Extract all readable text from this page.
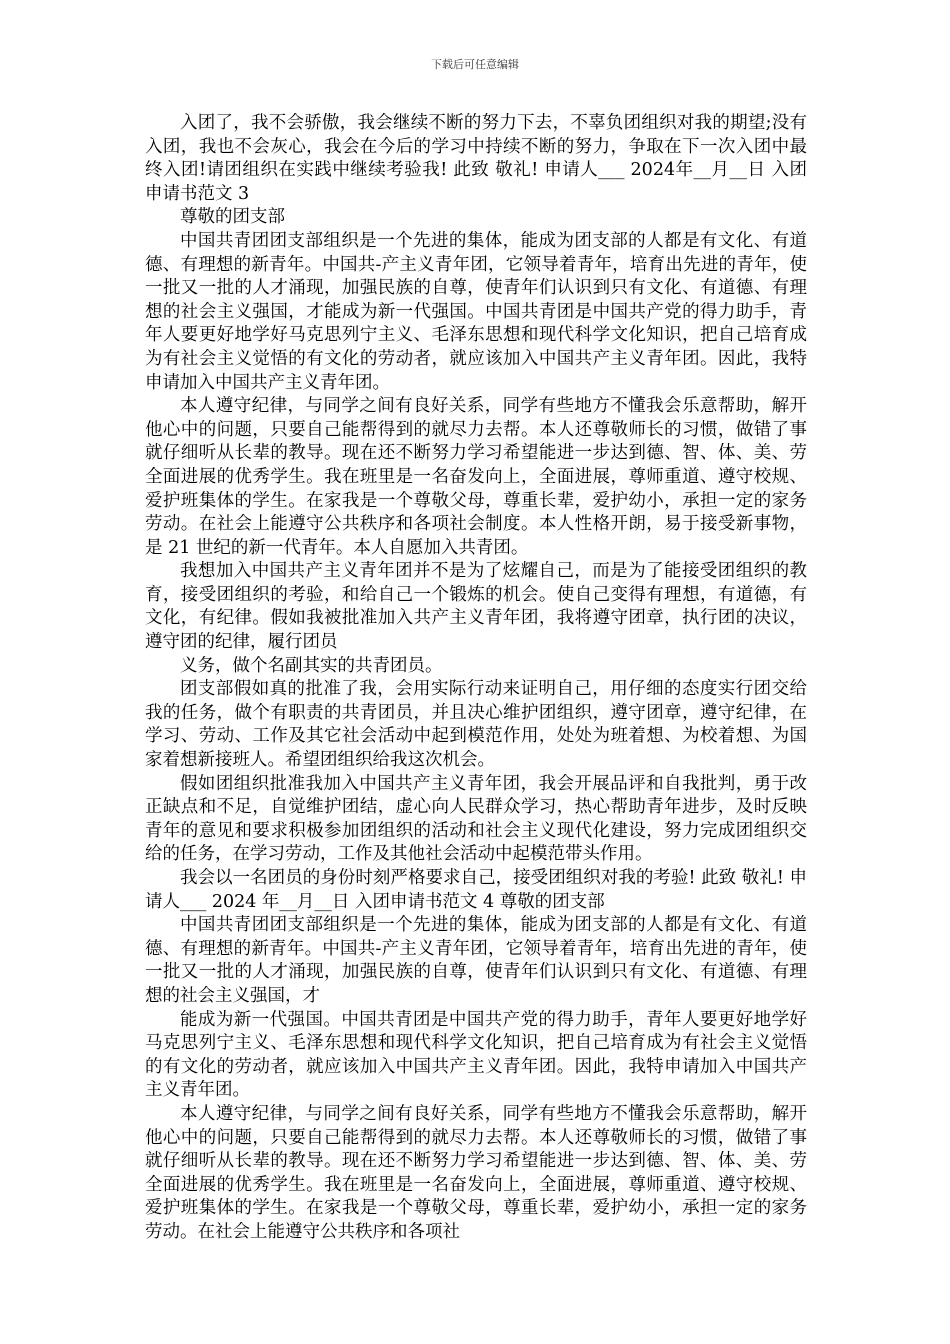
下载后可任意编辑

入团了，我不会骄傲，我会继续不断的努力下去，不辜负团组织对我的期望;没有入团，我也不会灰心，我会在今后的学习中持续不断的努力，争取在下一次入团中最终入团!请团组织在实践中继续考验我! 此致 敬礼! 申请人___ 2024年__月__日 入团申请书范文 3

尊敬的团支部

中国共青团团支部组织是一个先进的集体，能成为团支部的人都是有文化、有道德、有理想的新青年。中国共-产主义青年团，它领导着青年，培育出先进的青年，使一批又一批的人才涌现，加强民族的自尊，使青年们认识到只有文化、有道德、有理想的社会主义强国，才能成为新一代强国。中国共青团是中国共产党的得力助手，青年人要更好地学好马克思列宁主义、毛泽东思想和现代科学文化知识，把自己培育成为有社会主义觉悟的有文化的劳动者，就应该加入中国共产主义青年团。因此，我特申请加入中国共产主义青年团。

本人遵守纪律，与同学之间有良好关系，同学有些地方不懂我会乐意帮助，解开他心中的问题，只要自己能帮得到的就尽力去帮。本人还尊敬师长的习惯，做错了事就仔细听从长辈的教导。现在还不断努力学习希望能进一步达到德、智、体、美、劳全面进展的优秀学生。我在班里是一名奋发向上，全面进展，尊师重道、遵守校规、爱护班集体的学生。在家我是一个尊敬父母，尊重长辈，爱护幼小，承担一定的家务劳动。在社会上能遵守公共秩序和各项社会制度。本人性格开朗，易于接受新事物，是 21 世纪的新一代青年。本人自愿加入共青团。

我想加入中国共产主义青年团并不是为了炫耀自己，而是为了能接受团组织的教育，接受团组织的考验，和给自己一个锻炼的机会。使自己变得有理想，有道德，有文化，有纪律。假如我被批准加入共产主义青年团，我将遵守团章，执行团的决议，遵守团的纪律，履行团员

义务，做个名副其实的共青团员。

团支部假如真的批准了我，会用实际行动来证明自己，用仔细的态度实行团交给我的任务，做个有职责的共青团员，并且决心维护团组织，遵守团章，遵守纪律，在学习、劳动、工作及其它社会活动中起到模范作用，处处为班着想、为校着想、为国家着想新接班人。希望团组织给我这次机会。

假如团组织批准我加入中国共产主义青年团，我会开展品评和自我批判，勇于改正缺点和不足，自觉维护团结，虚心向人民群众学习，热心帮助青年进步，及时反映青年的意见和要求积极参加团组织的活动和社会主义现代化建设，努力完成团组织交给的任务，在学习劳动，工作及其他社会活动中起模范带头作用。

我会以一名团员的身份时刻严格要求自己，接受团组织对我的考验! 此致 敬礼! 申请人___ 2024 年__月__日 入团申请书范文 4 尊敬的团支部

中国共青团团支部组织是一个先进的集体，能成为团支部的人都是有文化、有道德、有理想的新青年。中国共-产主义青年团，它领导着青年，培育出先进的青年，使一批又一批的人才涌现，加强民族的自尊，使青年们认识到只有文化、有道德、有理想的社会主义强国，才

能成为新一代强国。中国共青团是中国共产党的得力助手，青年人要更好地学好马克思列宁主义、毛泽东思想和现代科学文化知识，把自己培育成为有社会主义觉悟的有文化的劳动者，就应该加入中国共产主义青年团。因此，我特申请加入中国共产主义青年团。

本人遵守纪律，与同学之间有良好关系，同学有些地方不懂我会乐意帮助，解开他心中的问题，只要自己能帮得到的就尽力去帮。本人还尊敬师长的习惯，做错了事就仔细听从长辈的教导。现在还不断努力学习希望能进一步达到德、智、体、美、劳全面进展的优秀学生。我在班里是一名奋发向上，全面进展，尊师重道、遵守校规、爱护班集体的学生。在家我是一个尊敬父母，尊重长辈，爱护幼小，承担一定的家务劳动。在社会上能遵守公共秩序和各项社
